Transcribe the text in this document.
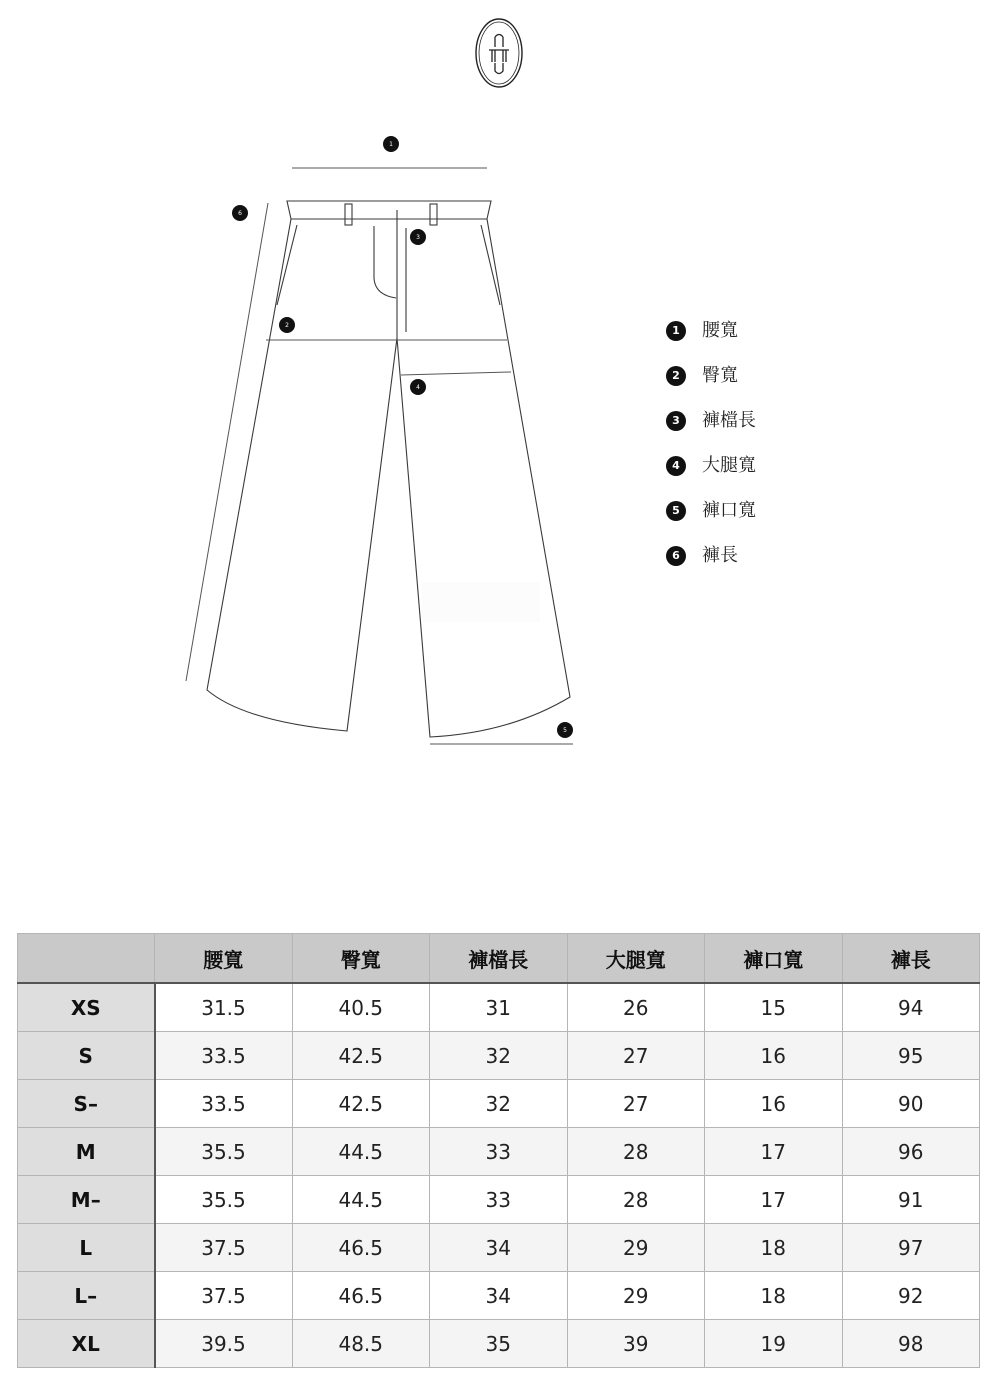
1
2
3
4
5
6
1	腰寬
2	臀寬
3	褲檔長
4	大腿寬
5	褲口寬
6	褲長
	腰寬	臀寬	褲檔長	大腿寬	褲口寬	褲長
XS	31.5	40.5	31	26	15	94
S	33.5	42.5	32	27	16	95
S–	33.5	42.5	32	27	16	90
M	35.5	44.5	33	28	17	96
M–	35.5	44.5	33	28	17	91
L	37.5	46.5	34	29	18	97
L–	37.5	46.5	34	29	18	92
XL	39.5	48.5	35	39	19	98
